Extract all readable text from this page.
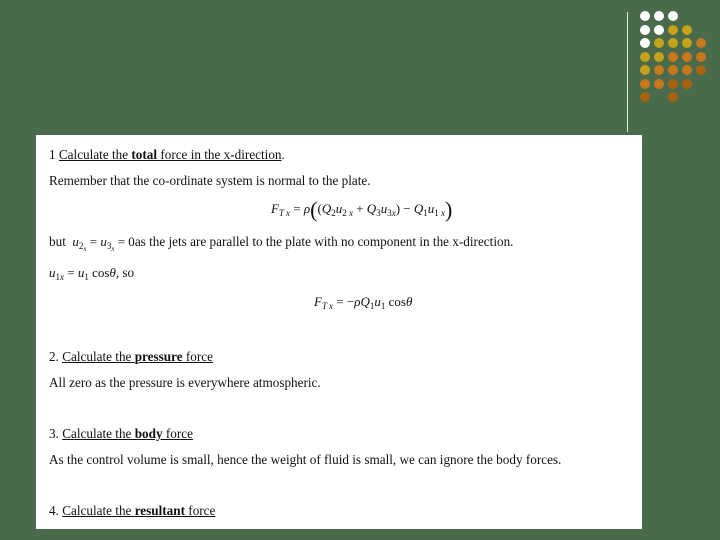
1 Calculate the total force in the x-direction.
Remember that the co-ordinate system is normal to the plate.
$F_{T x} = \rho((Q_2u_{2 x} + Q_3u_{3x}) - Q_1u_{1 x})$
but  $u_{2_x} = u_{3_x} = 0as$ the jets are parallel to the plate with no component in the x-direction.
$u_{1x} = u_1$ cosθ, so
$F_{T x} = -\rho Q_1u_1$ cosθ
2. Calculate the pressure force
All zero as the pressure is everywhere atmospheric.
3. Calculate the body force
As the control volume is small, hence the weight of fluid is small, we can ignore the body forces.
4. Calculate the resultant force
